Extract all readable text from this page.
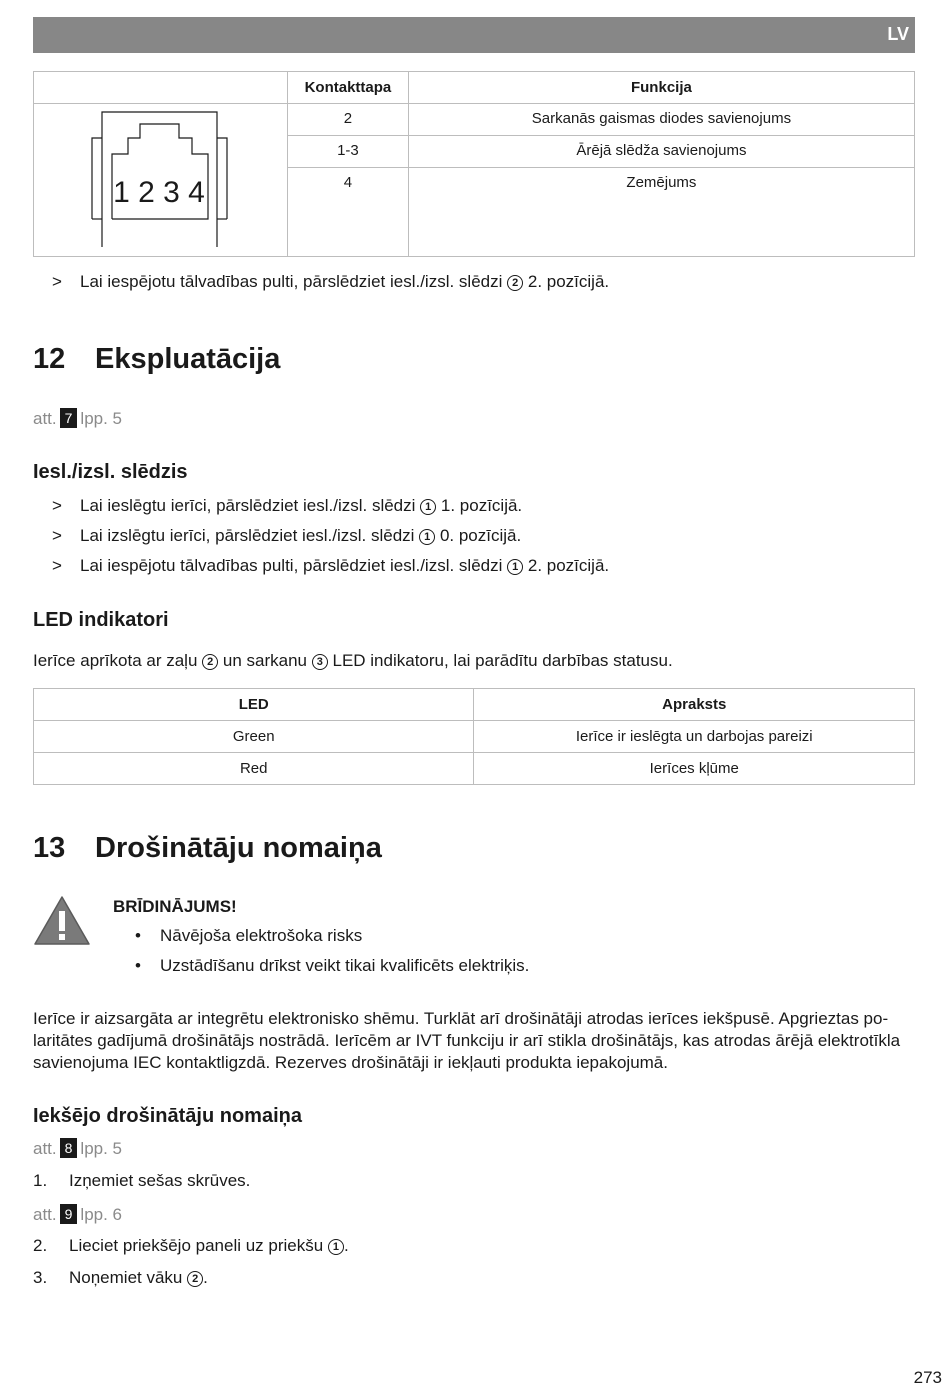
LV
	Kontakttapa	Funkcija

1 2 3 4	2	Sarkanās gaismas diodes savienojums
	1-3	Ārējā slēdža savienojums
	4	Zemējums
> Lai iespējotu tālvadības pulti, pārslēdziet iesl./izsl. slēdzi 2 2. pozīcijā.
12 Ekspluatācija
att. 7 lpp. 5
Iesl./izsl. slēdzis
> Lai ieslēgtu ierīci, pārslēdziet iesl./izsl. slēdzi 1 1. pozīcijā.
> Lai izslēgtu ierīci, pārslēdziet iesl./izsl. slēdzi 1 0. pozīcijā.
> Lai iespējotu tālvadības pulti, pārslēdziet iesl./izsl. slēdzi 1 2. pozīcijā.
LED indikatori
Ierīce aprīkota ar zaļu 2 un sarkanu 3 LED indikatoru, lai parādītu darbības statusu.
LED	Apraksts
Green	Ierīce ir ieslēgta un darbojas pareizi
Red	Ierīces kļūme
13 Drošinātāju nomaiņa
BRĪDINĀJUMS!
• Nāvējoša elektrošoka risks
• Uzstādīšanu drīkst veikt tikai kvalificēts elektriķis.
Ierīce ir aizsargāta ar integrētu elektronisko shēmu. Turklāt arī drošinātāji atrodas ierīces iekšpusē. Apgrieztas po-
laritātes gadījumā drošinātājs nostrādā. Ierīcēm ar IVT funkciju ir arī stikla drošinātājs, kas atrodas ārējā elektrotīkla
savienojuma IEC kontaktligzdā. Rezerves drošinātāji ir iekļauti produkta iepakojumā.
Iekšējo drošinātāju nomaiņa
att. 8 lpp. 5
1. Izņemiet sešas skrūves.
att. 9 lpp. 6
2. Lieciet priekšējo paneli uz priekšu 1 .
3. Noņemiet vāku 2 .
273
